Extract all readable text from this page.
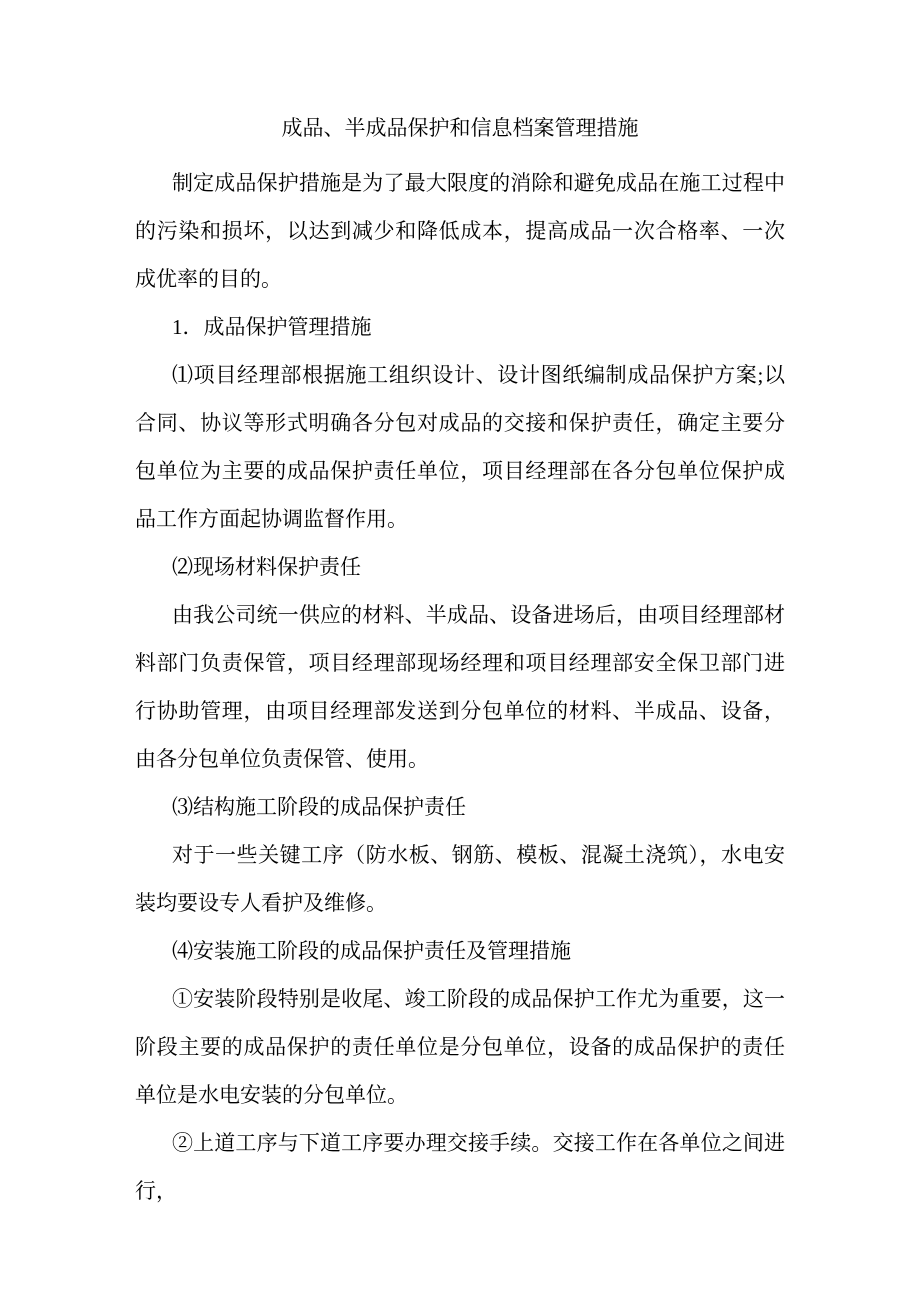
成品、半成品保护和信息档案管理措施

制定成品保护措施是为了最大限度的消除和避免成品在施工过程中的污染和损坏，以达到减少和降低成本，提高成品一次合格率、一次成优率的目的。

1．成品保护管理措施

⑴项目经理部根据施工组织设计、设计图纸编制成品保护方案;以合同、协议等形式明确各分包对成品的交接和保护责任，确定主要分包单位为主要的成品保护责任单位，项目经理部在各分包单位保护成品工作方面起协调监督作用。

⑵现场材料保护责任

由我公司统一供应的材料、半成品、设备进场后，由项目经理部材料部门负责保管，项目经理部现场经理和项目经理部安全保卫部门进行协助管理，由项目经理部发送到分包单位的材料、半成品、设备，由各分包单位负责保管、使用。

⑶结构施工阶段的成品保护责任

对于一些关键工序（防水板、钢筋、模板、混凝土浇筑），水电安装均要设专人看护及维修。

⑷安装施工阶段的成品保护责任及管理措施

①安装阶段特别是收尾、竣工阶段的成品保护工作尤为重要，这一阶段主要的成品保护的责任单位是分包单位，设备的成品保护的责任单位是水电安装的分包单位。

②上道工序与下道工序要办理交接手续。交接工作在各单位之间进行，
